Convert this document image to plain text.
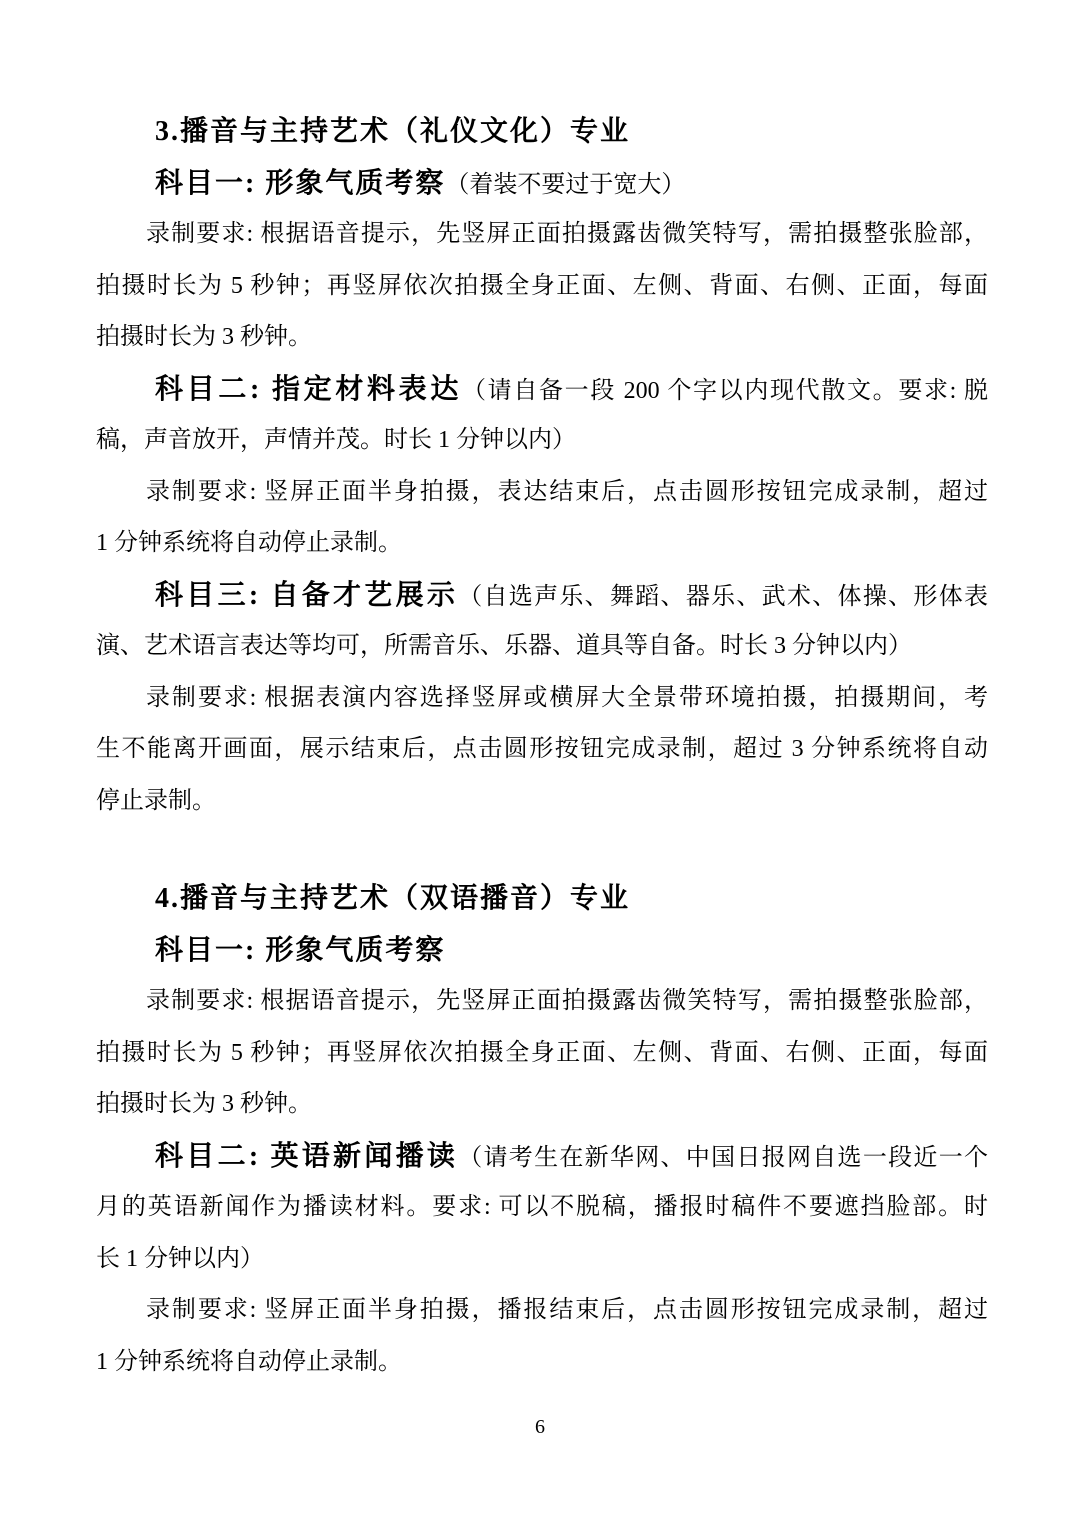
3.播音与主持艺术（礼仪文化）专业
科目一: 形象气质考察（着装不要过于宽大）
录制要求: 根据语音提示，先竖屏正面拍摄露齿微笑特写，需拍摄整张脸部，
拍摄时长为 5 秒钟；再竖屏依次拍摄全身正面、左侧、背面、右侧、正面，每面
拍摄时长为 3 秒钟。
科目二: 指定材料表达（请自备一段 200 个字以内现代散文。要求: 脱
稿，声音放开，声情并茂。时长 1 分钟以内）
录制要求: 竖屏正面半身拍摄，表达结束后，点击圆形按钮完成录制，超过
1 分钟系统将自动停止录制。
科目三: 自备才艺展示（自选声乐、舞蹈、器乐、武术、体操、形体表
演、艺术语言表达等均可，所需音乐、乐器、道具等自备。时长 3 分钟以内）
录制要求: 根据表演内容选择竖屏或横屏大全景带环境拍摄，拍摄期间，考
生不能离开画面，展示结束后，点击圆形按钮完成录制，超过 3 分钟系统将自动
停止录制。
4.播音与主持艺术（双语播音）专业
科目一: 形象气质考察
录制要求: 根据语音提示，先竖屏正面拍摄露齿微笑特写，需拍摄整张脸部，
拍摄时长为 5 秒钟；再竖屏依次拍摄全身正面、左侧、背面、右侧、正面，每面
拍摄时长为 3 秒钟。
科目二: 英语新闻播读（请考生在新华网、中国日报网自选一段近一个
月的英语新闻作为播读材料。要求: 可以不脱稿，播报时稿件不要遮挡脸部。时
长 1 分钟以内）
录制要求: 竖屏正面半身拍摄，播报结束后，点击圆形按钮完成录制，超过
1 分钟系统将自动停止录制。
6
